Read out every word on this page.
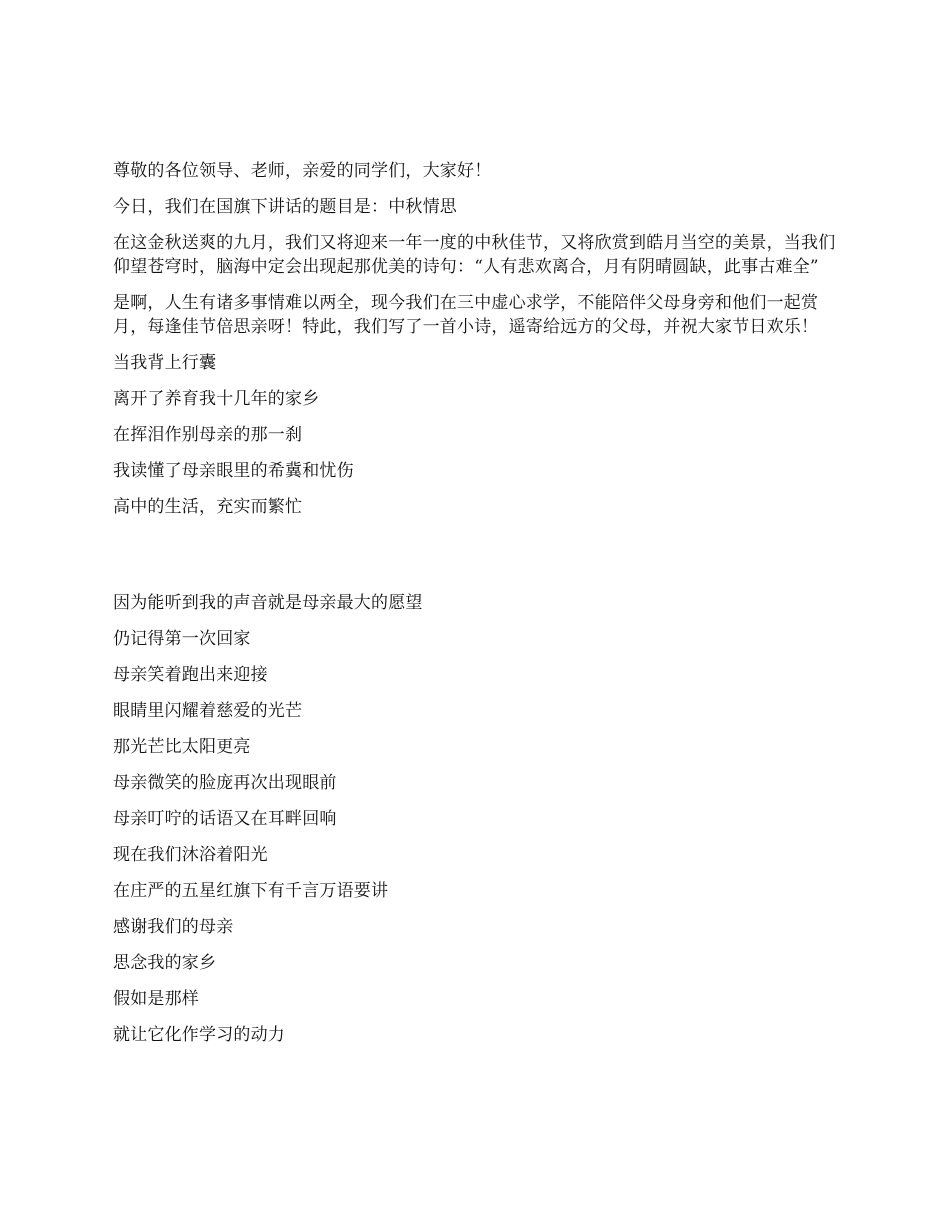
尊敬的各位领导、老师，亲爱的同学们，大家好！

今日，我们在国旗下讲话的题目是：中秋情思

在这金秋送爽的九月，我们又将迎来一年一度的中秋佳节，又将欣赏到皓月当空的美景，当我们仰望苍穹时，脑海中定会出现起那优美的诗句：“人有悲欢离合，月有阴晴圆缺，此事古难全”

是啊，人生有诸多事情难以两全，现今我们在三中虚心求学，不能陪伴父母身旁和他们一起赏月，每逢佳节倍思亲呀！特此，我们写了一首小诗，遥寄给远方的父母，并祝大家节日欢乐！

当我背上行囊

离开了养育我十几年的家乡

在挥泪作别母亲的那一刹

我读懂了母亲眼里的希冀和忧伤

高中的生活，充实而繁忙

因为能听到我的声音就是母亲最大的愿望

仍记得第一次回家

母亲笑着跑出来迎接

眼睛里闪耀着慈爱的光芒

那光芒比太阳更亮

母亲微笑的脸庞再次出现眼前

母亲叮咛的话语又在耳畔回响

现在我们沐浴着阳光

在庄严的五星红旗下有千言万语要讲

感谢我们的母亲

思念我的家乡

假如是那样

就让它化作学习的动力
